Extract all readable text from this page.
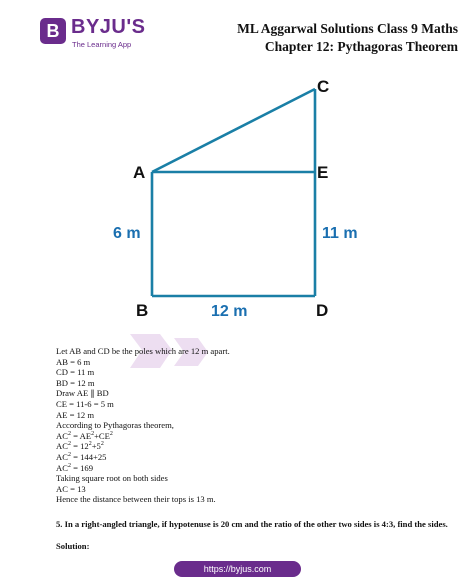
B BYJU'S
The Learning App
ML Aggarwal Solutions Class 9 Maths
Chapter 12: Pythagoras Theorem
C
A	E
B	D
6 m	11 m
12 m
Let AB and CD be the poles which are 12 m apart.
AB = 6 m
CD = 11 m
BD = 12 m
Draw AE ∥ BD
CE = 11-6 = 5 m
AE = 12 m
According to Pythagoras theorem,
$AC^2 = AE^2+CE^2$
$AC^2 = 12^2+5^2$
$AC^2 = 144+25$
$AC^2 = 169$
Taking square root on both sides
AC = 13
Hence the distance between their tops is 13 m.
5. In a right-angled triangle, if hypotenuse is 20 cm and the ratio of the other two sides is 4:3, find the sides.
Solution:
https://byjus.com
